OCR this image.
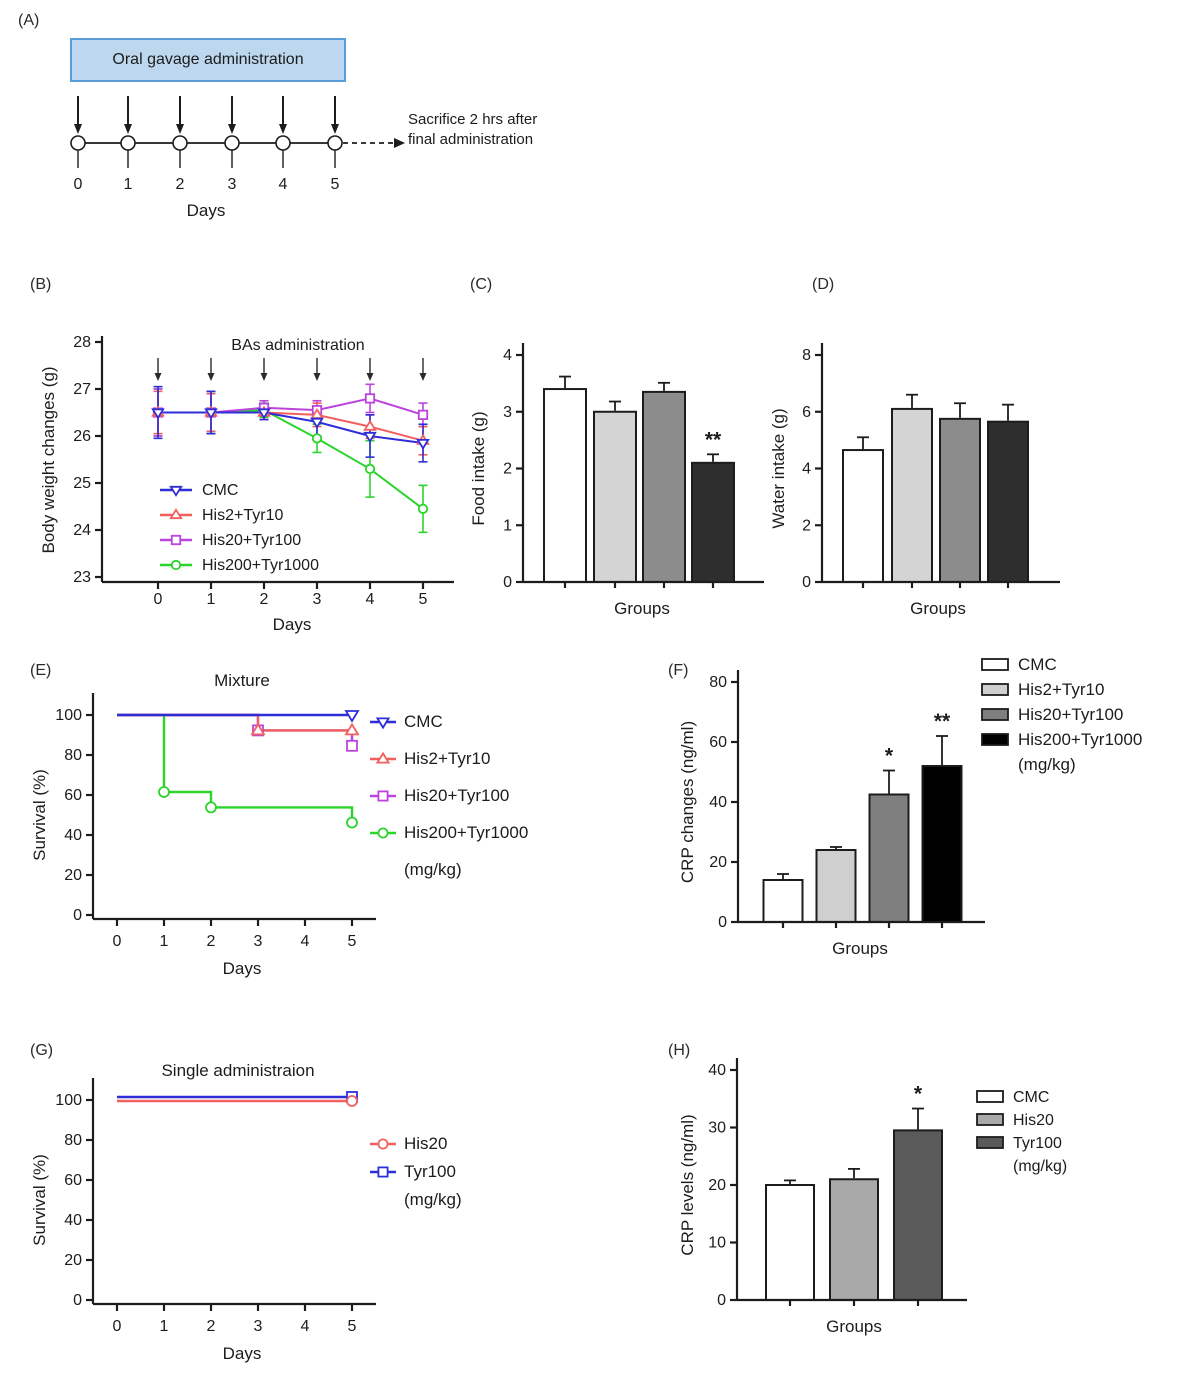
(A)
Oral gavage administration
0	1	2	3	4	5
Days
Sacrifice 2 hrs after
final administration
(B)
23
24
25
26
27
28
0	1	2	3	4	5
Days
Body weight changes (g)
BAs administration
CMC
His2+Tyr10
His20+Tyr100
His200+Tyr1000
(C)
0
1
2
3
4
**
Groups
Food intake (g)
(D)
0
2
4
6
8
Groups
Water intake (g)
(E)
0
20
40
60
80
100
0 1 2 3 4 5
Days
Survival (%)
Mixture
CMC
His2+Tyr10
His20+Tyr100
His200+Tyr1000
(mg/kg)
(F)
0
20
40
60
80
*
**
Groups
CRP changes (ng/ml)
CMC
His2+Tyr10
His20+Tyr100
His200+Tyr1000
(mg/kg)
(G)
0
20
40
60
80
100
0 1 2 3 4 5
Days
Survival (%)
Single administraion
His20
Tyr100
(mg/kg)
(H)
0
10
20
30
40
*
Groups
CRP levels (ng/ml)
CMC
His20
Tyr100
(mg/kg)
